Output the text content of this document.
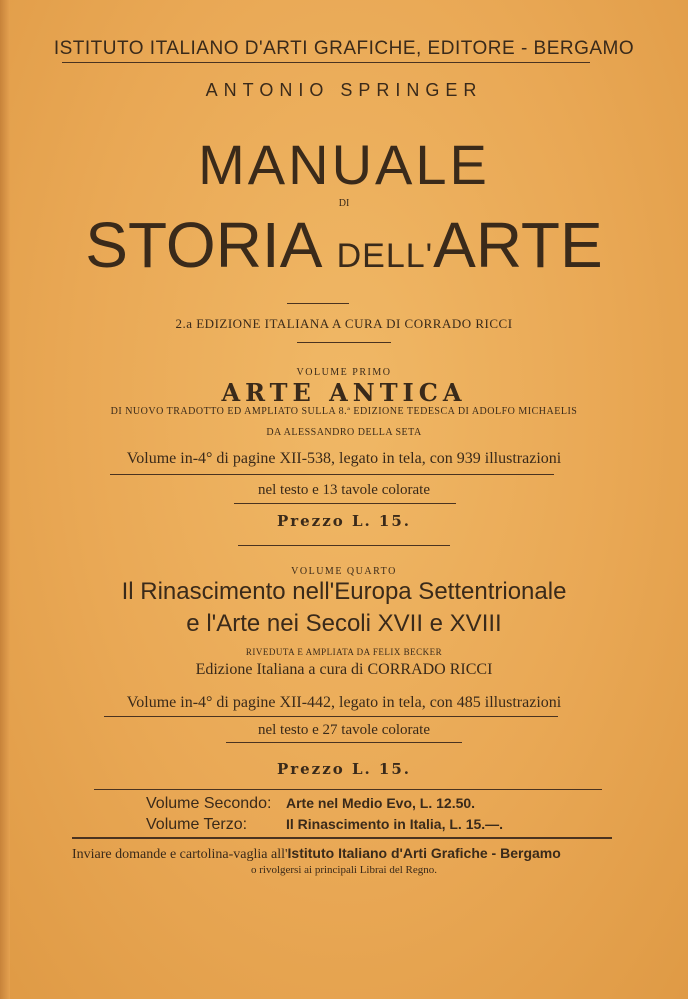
ISTITUTO ITALIANO D'ARTI GRAFICHE, EDITORE - BERGAMO
ANTONIO SPRINGER
MANUALE
DI
STORIA DELL'ARTE
2.a EDIZIONE ITALIANA A CURA DI CORRADO RICCI
VOLUME PRIMO
ARTE ANTICA
DI NUOVO TRADOTTO ED AMPLIATO SULLA 8.ª EDIZIONE TEDESCA DI ADOLFO MICHAELIS
DA ALESSANDRO DELLA SETA
Volume in-4° di pagine XII-538, legato in tela, con 939 illustrazioni
nel testo e 13 tavole colorate
Prezzo L. 15.
VOLUME QUARTO
Il Rinascimento nell'Europa Settentrionale
e l'Arte nei Secoli XVII e XVIII
RIVEDUTA E AMPLIATA DA FELIX BECKER
Edizione Italiana a cura di CORRADO RICCI
Volume in-4° di pagine XII-442, legato in tela, con 485 illustrazioni
nel testo e 27 tavole colorate
Prezzo L. 15.
Volume Secondo:	Arte nel Medio Evo, L. 12.50.
Volume Terzo:	Il Rinascimento in Italia, L. 15.—.
Inviare domande e cartolina-vaglia all'Istituto Italiano d'Arti Grafiche - Bergamo
o rivolgersi ai principali Librai del Regno.
